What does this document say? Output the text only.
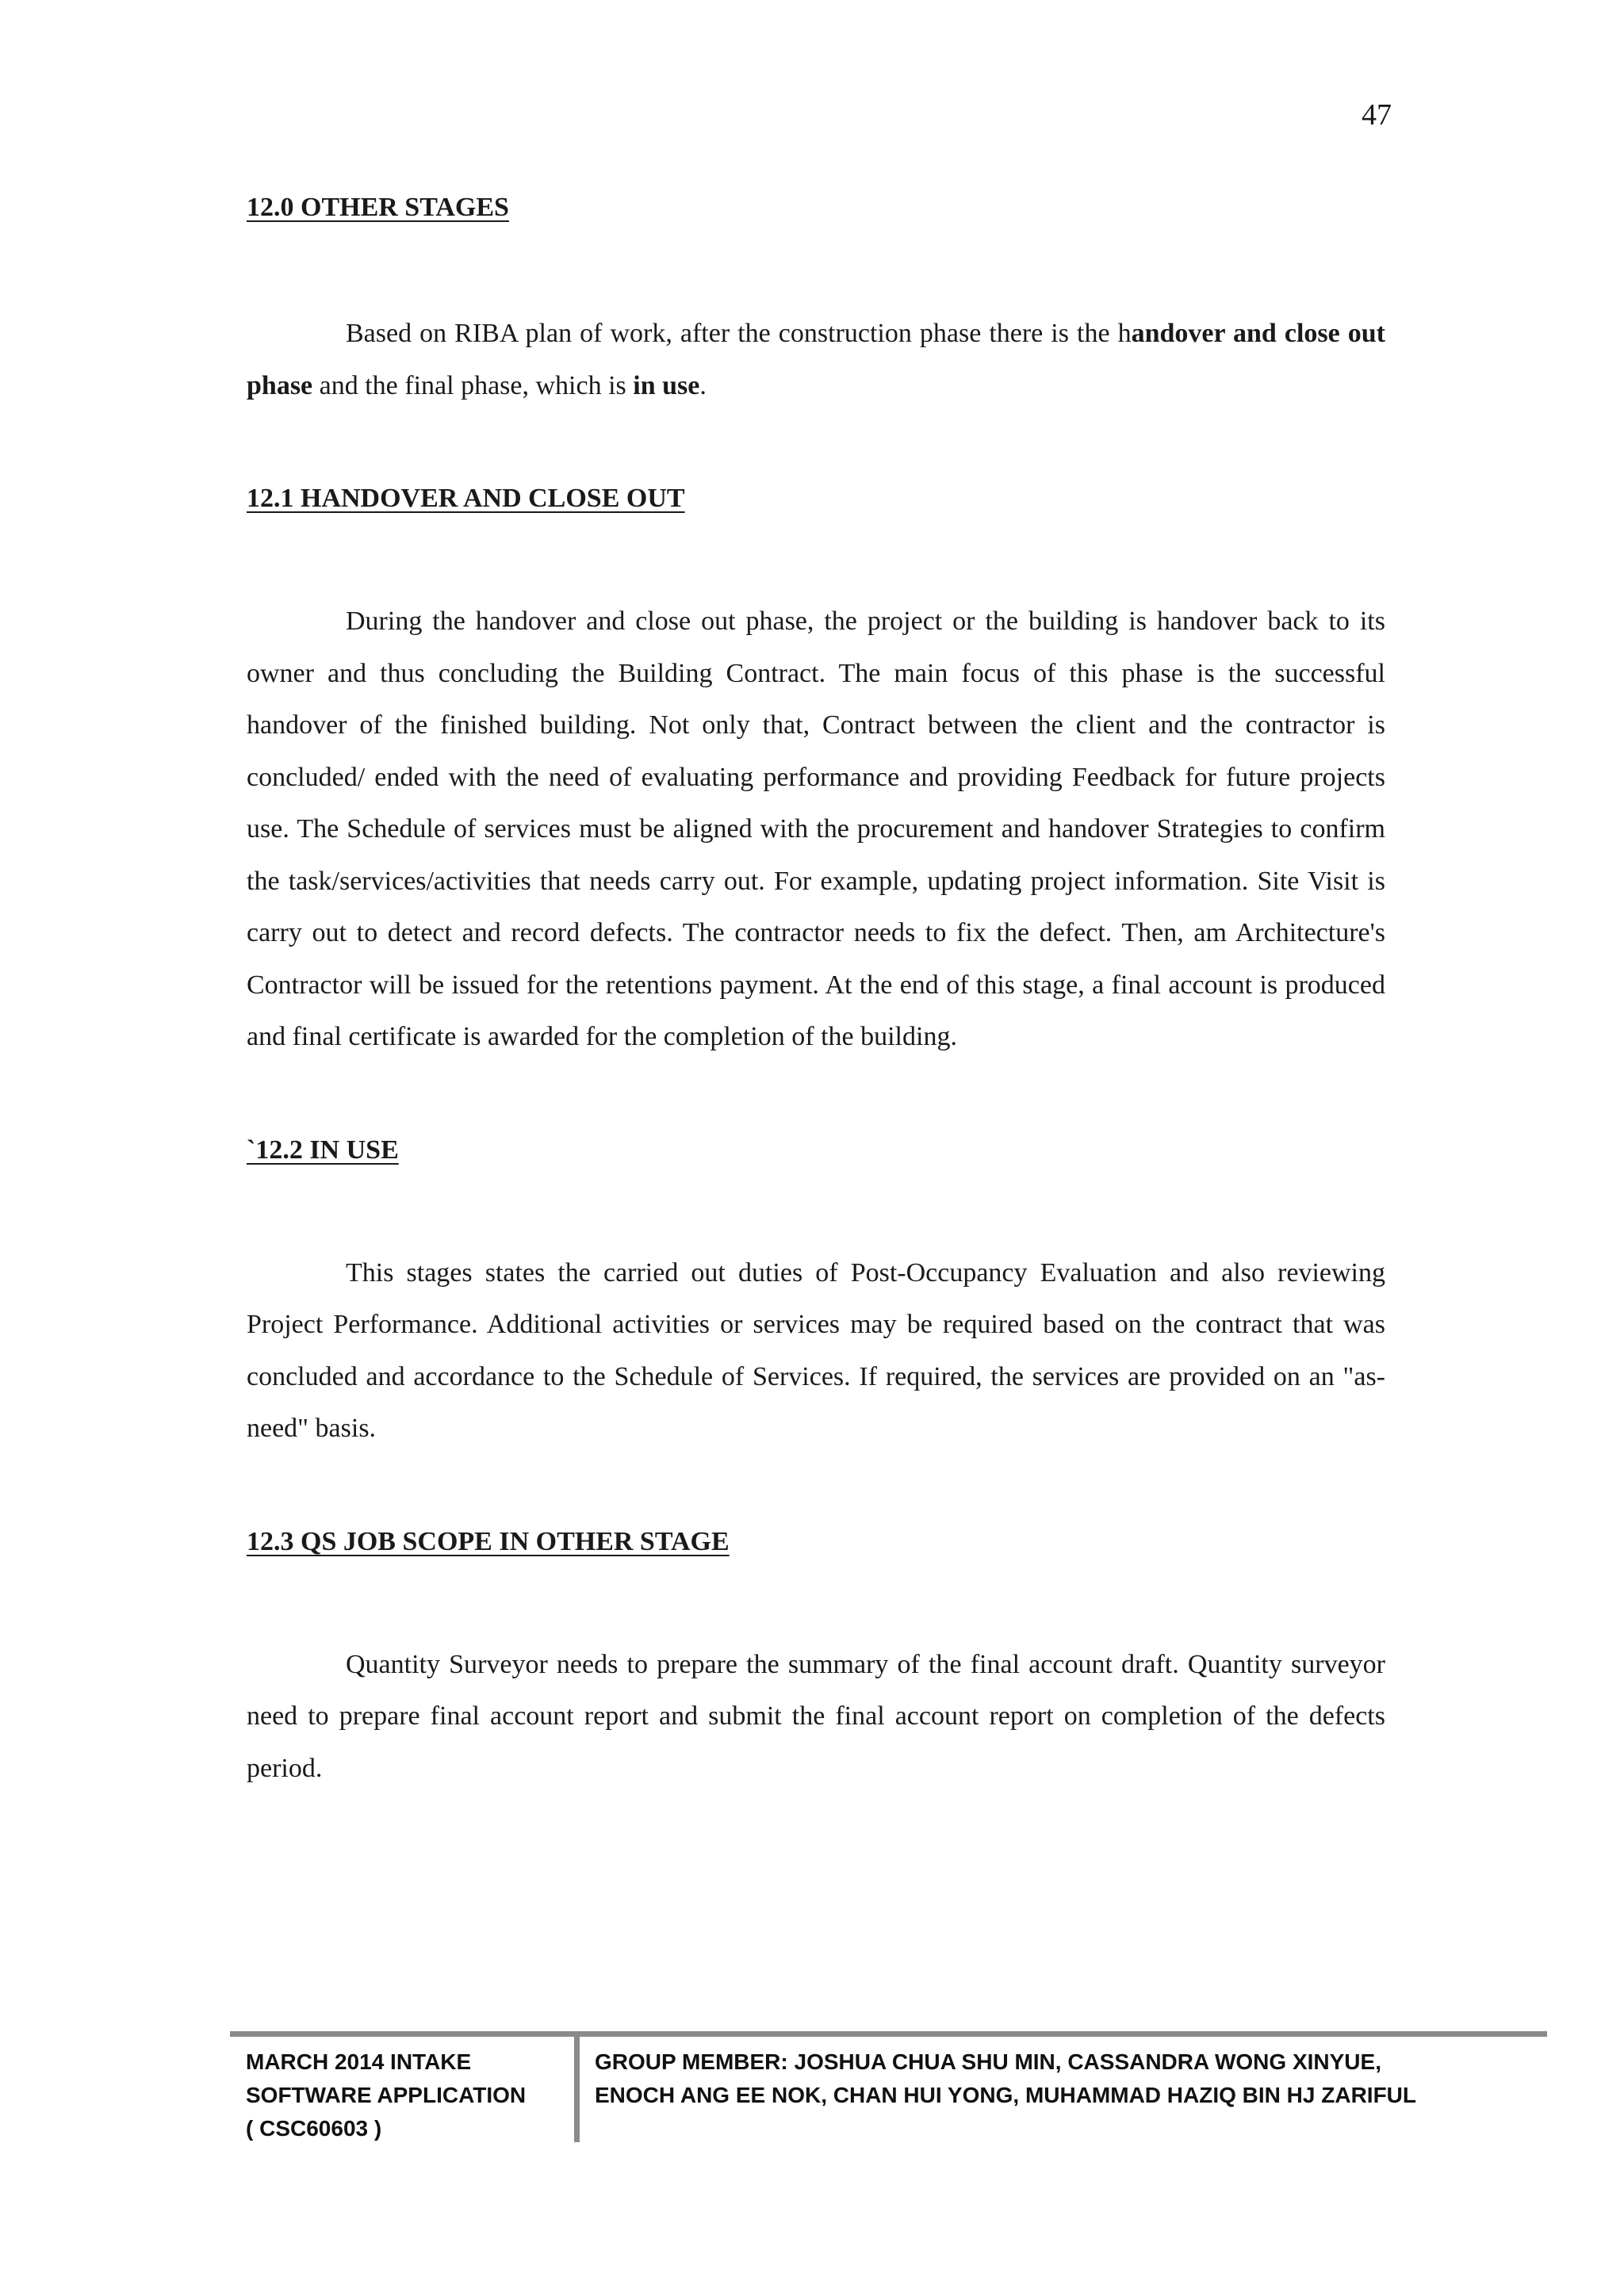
47
12.0 OTHER STAGES

Based on RIBA plan of work, after the construction phase there is the handover and close out phase and the final phase, which is in use.

12.1 HANDOVER AND CLOSE OUT

During the handover and close out phase, the project or the building is handover back to its owner and thus concluding the Building Contract. The main focus of this phase is the successful handover of the finished building. Not only that, Contract between the client and the contractor is concluded/ ended with the need of evaluating performance and providing Feedback for future projects use. The Schedule of services must be aligned with the procurement and handover Strategies to confirm the task/services/activities that needs carry out. For example, updating project information. Site Visit is carry out to detect and record defects. The contractor needs to fix the defect. Then, am Architecture's Contractor will be issued for the retentions payment. At the end of this stage, a final account is produced and final certificate is awarded for the completion of the building.

`12.2 IN USE

This stages states the carried out duties of Post-Occupancy Evaluation and also reviewing Project Performance. Additional activities or services may be required based on the contract that was concluded and accordance to the Schedule of Services. If required, the services are provided on an "as-need" basis.

12.3 QS JOB SCOPE IN OTHER STAGE

Quantity Surveyor needs to prepare the summary of the final account draft. Quantity surveyor need to prepare final account report and submit the final account report on completion of the defects period.

MARCH 2014 INTAKE
SOFTWARE APPLICATION
( CSC60603 )
GROUP MEMBER: JOSHUA CHUA SHU MIN, CASSANDRA WONG XINYUE,
ENOCH ANG EE NOK, CHAN HUI YONG, MUHAMMAD HAZIQ BIN HJ ZARIFUL
